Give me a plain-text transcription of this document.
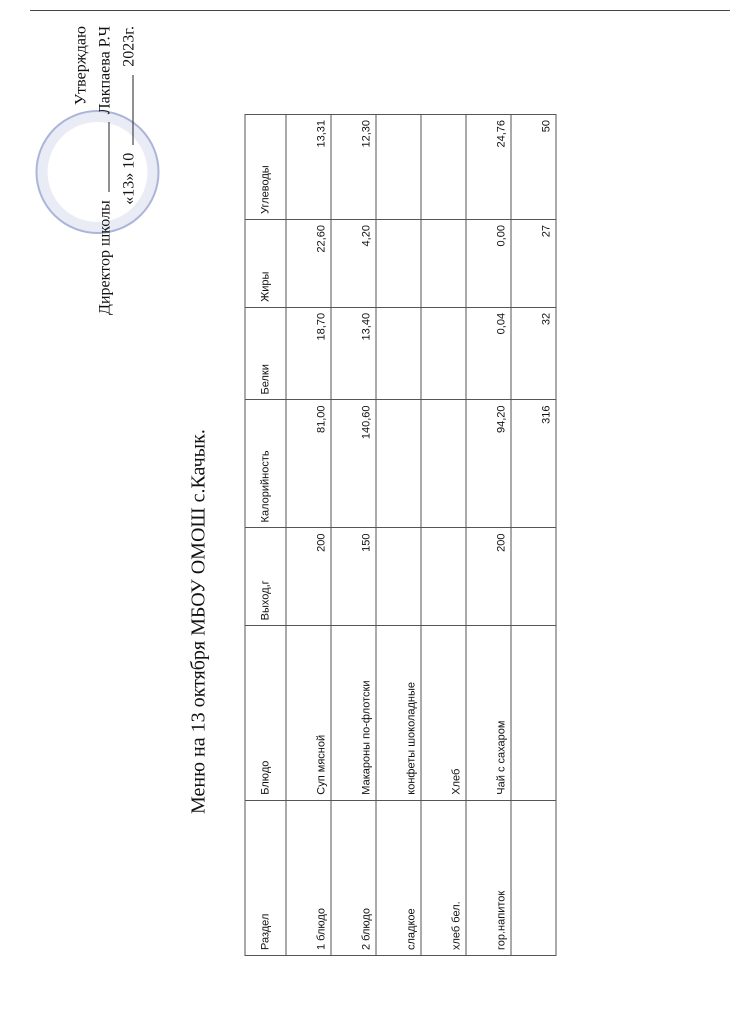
Утверждаю
Директор школы  Лакпаева Р.Ч
«13» 10  2023г.
Меню на 13 октября МБОУ ОМОШ с.Качык.
Раздел	Блюдо	Выход,г	Калорийность	Белки	Жиры	Углеводы
1 блюдо	Суп мясной	200	81,00	18,70	22,60	13,31
2 блюдо	Макароны по-флотски	150	140,60	13,40	4,20	12,30
сладкое	конфеты шоколадные					
хлеб бел.	Хлеб					
гор.напиток	Чай с сахаром	200	94,20	0,04	0,00	24,76
			316	32	27	50
